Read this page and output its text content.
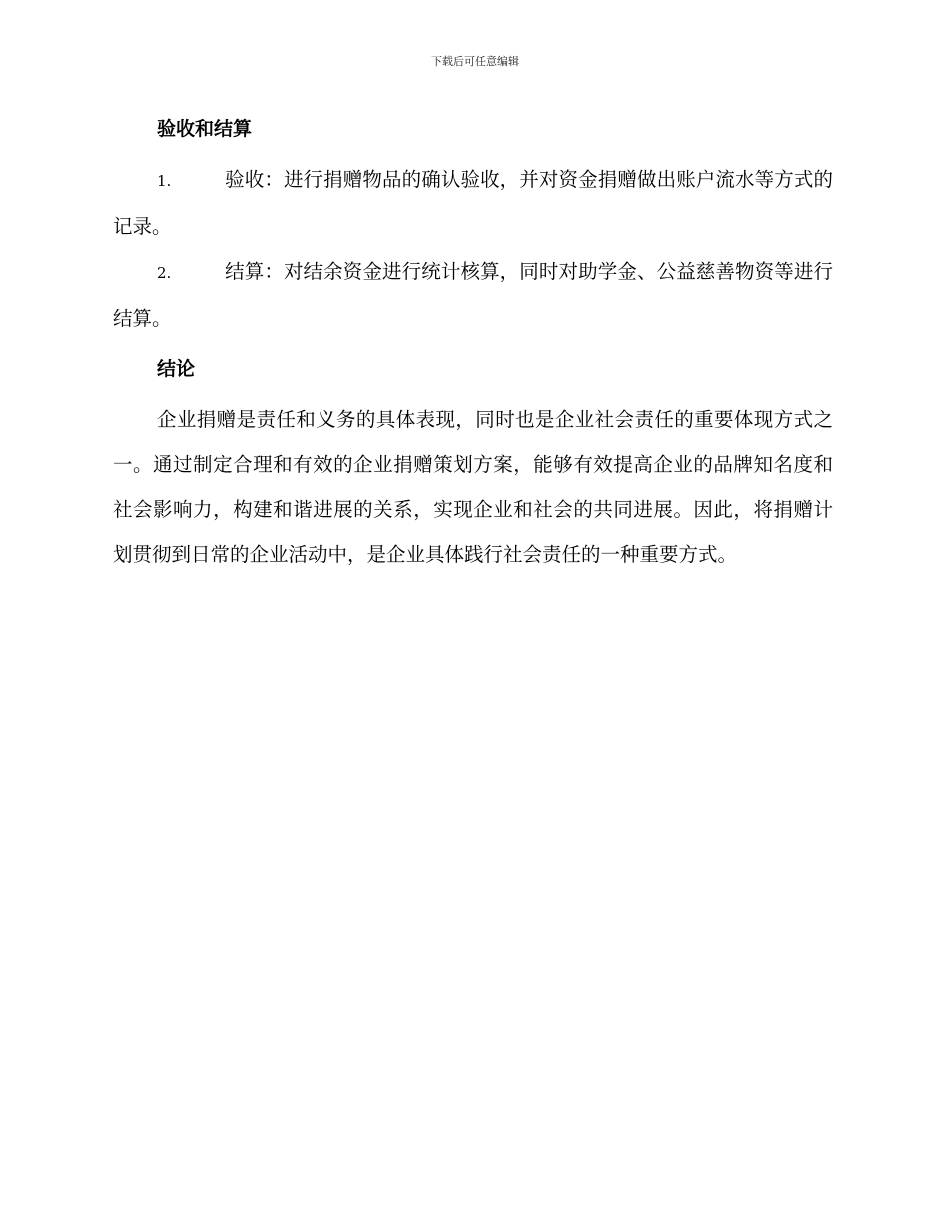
下载后可任意编辑
验收和结算
1.	验收：进行捐赠物品的确认验收，并对资金捐赠做出账户流水等方式的记录。
2.	结算：对结余资金进行统计核算，同时对助学金、公益慈善物资等进行结算。
结论
企业捐赠是责任和义务的具体表现，同时也是企业社会责任的重要体现方式之一。通过制定合理和有效的企业捐赠策划方案，能够有效提高企业的品牌知名度和社会影响力，构建和谐进展的关系，实现企业和社会的共同进展。因此，将捐赠计划贯彻到日常的企业活动中，是企业具体践行社会责任的一种重要方式。
